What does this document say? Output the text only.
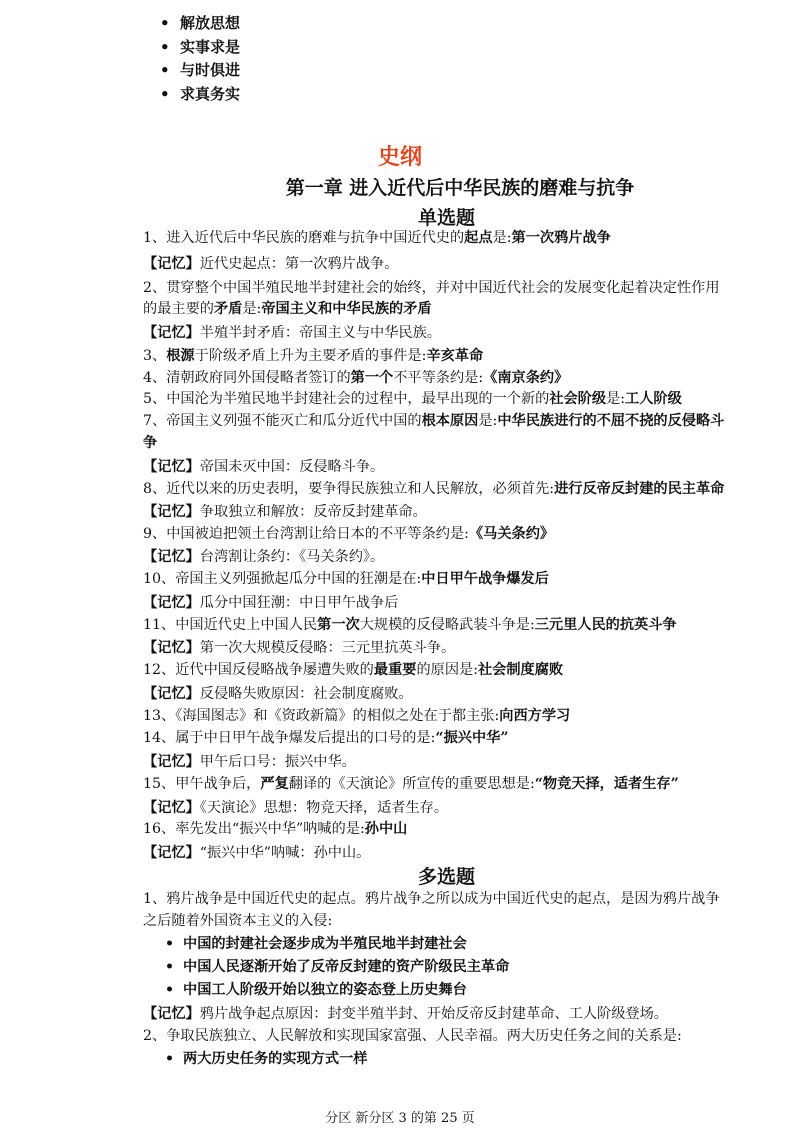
• 解放思想
• 实事求是
• 与时俱进
• 求真务实
史纲
第一章 进入近代后中华民族的磨难与抗争
单选题
1、进入近代后中华民族的磨难与抗争中国近代史的起点是:第一次鸦片战争
【记忆】近代史起点：第一次鸦片战争。
2、贯穿整个中国半殖民地半封建社会的始终，并对中国近代社会的发展变化起着决定性作用
的最主要的矛盾是:帝国主义和中华民族的矛盾
【记忆】半殖半封矛盾：帝国主义与中华民族。
3、根源于阶级矛盾上升为主要矛盾的事件是:辛亥革命
4、清朝政府同外国侵略者签订的第一个不平等条约是:《南京条约》
5、中国沦为半殖民地半封建社会的过程中，最早出现的一个新的社会阶级是:工人阶级
7、帝国主义列强不能灭亡和瓜分近代中国的根本原因是:中华民族进行的不屈不挠的反侵略斗
争
【记忆】帝国未灭中国：反侵略斗争。
8、近代以来的历史表明，要争得民族独立和人民解放，必须首先:进行反帝反封建的民主革命
【记忆】争取独立和解放：反帝反封建革命。
9、中国被迫把领土台湾割让给日本的不平等条约是:《马关条约》
【记忆】台湾割让条约：《马关条约》。
10、帝国主义列强掀起瓜分中国的狂潮是在:中日甲午战争爆发后
【记忆】瓜分中国狂潮：中日甲午战争后
11、中国近代史上中国人民第一次大规模的反侵略武装斗争是:三元里人民的抗英斗争
【记忆】第一次大规模反侵略：三元里抗英斗争。
12、近代中国反侵略战争屡遭失败的最重要的原因是:社会制度腐败
【记忆】反侵略失败原因：社会制度腐败。
13、《海国图志》和《资政新篇》的相似之处在于都主张:向西方学习
14、属于中日甲午战争爆发后提出的口号的是:“振兴中华”
【记忆】甲午后口号：振兴中华。
15、甲午战争后，严复翻译的《天演论》所宣传的重要思想是:“物竞天择，适者生存”
【记忆】《天演论》思想：物竞天择，适者生存。
16、率先发出“振兴中华”呐喊的是:孙中山
【记忆】“振兴中华”呐喊：孙中山。
多选题
1、鸦片战争是中国近代史的起点。鸦片战争之所以成为中国近代史的起点，是因为鸦片战争
之后随着外国资本主义的入侵:
• 中国的封建社会逐步成为半殖民地半封建社会
• 中国人民逐渐开始了反帝反封建的资产阶级民主革命
• 中国工人阶级开始以独立的姿态登上历史舞台
【记忆】鸦片战争起点原因：封变半殖半封、开始反帝反封建革命、工人阶级登场。
2、争取民族独立、人民解放和实现国家富强、人民幸福。两大历史任务之间的关系是:
• 两大历史任务的实现方式一样
分区 新分区 3 的第 25 页
